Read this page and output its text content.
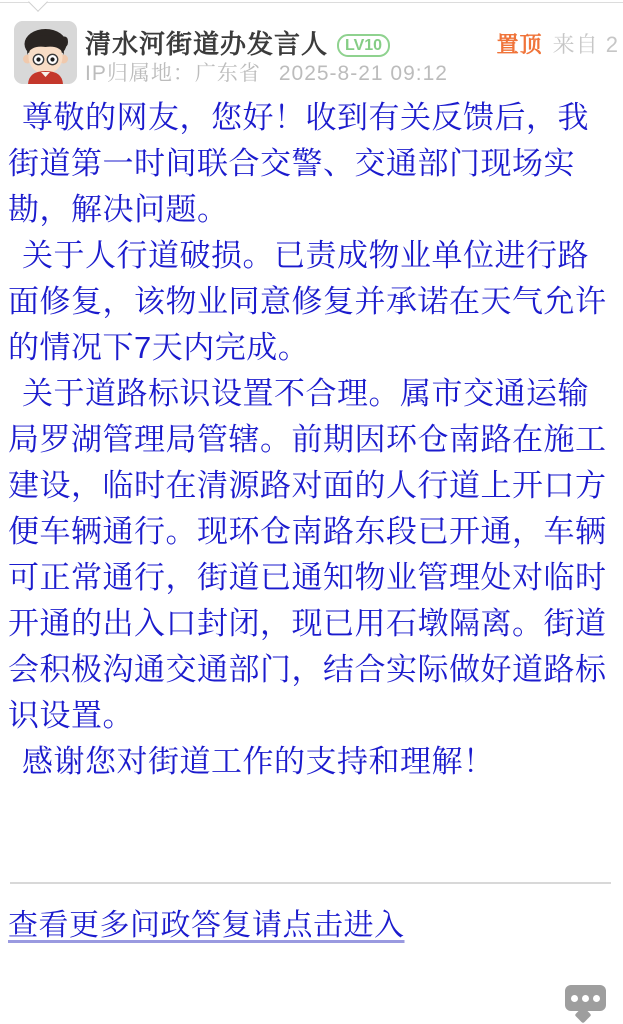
清水河街道办发言人 LV10
IP归属地：广东省 2025-8-21 09:12
置顶 来自 2

尊敬的网友，您好！收到有关反馈后，我街道第一时间联合交警、交通部门现场实勘，解决问题。

关于人行道破损。已责成物业单位进行路面修复，该物业同意修复并承诺在天气允许的情况下7天内完成。

关于道路标识设置不合理。属市交通运输局罗湖管理局管辖。前期因环仓南路在施工建设，临时在清源路对面的人行道上开口方便车辆通行。现环仓南路东段已开通，车辆可正常通行，街道已通知物业管理处对临时开通的出入口封闭，现已用石墩隔离。街道会积极沟通交通部门，结合实际做好道路标识设置。

感谢您对街道工作的支持和理解！

查看更多问政答复请点击进入
